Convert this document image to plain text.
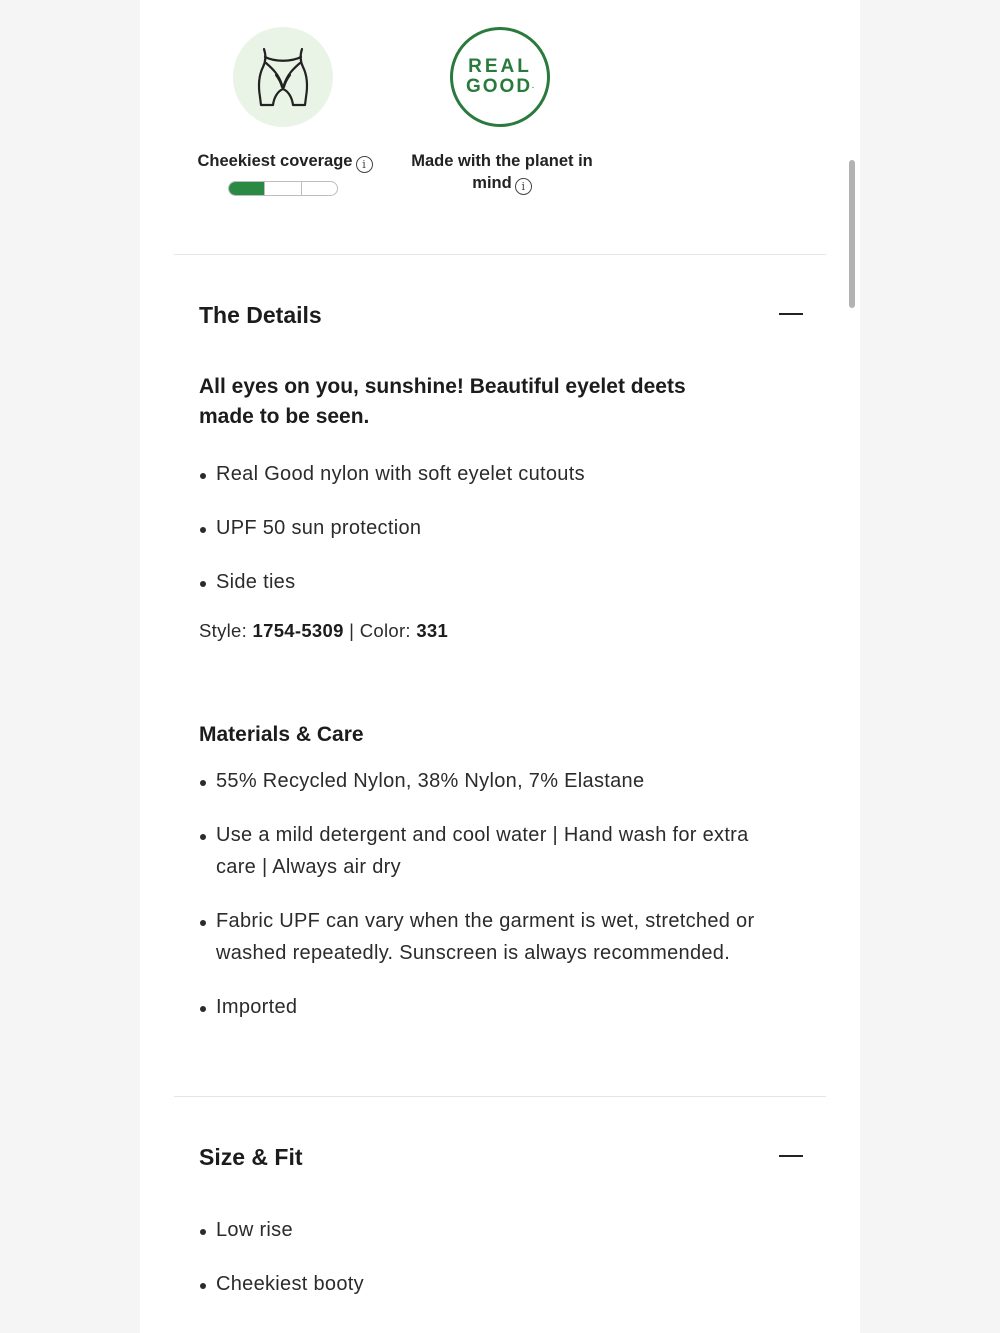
Cheekiest coverage i
REAL
GOOD.
Made with the planet in
mind i
The Details
All eyes on you, sunshine! Beautiful eyelet deets made to be seen.
Real Good nylon with soft eyelet cutouts
UPF 50 sun protection
Side ties
Style: 1754-5309 | Color: 331
Materials & Care
55% Recycled Nylon, 38% Nylon, 7% Elastane
Use a mild detergent and cool water | Hand wash for extra care | Always air dry
Fabric UPF can vary when the garment is wet, stretched or washed repeatedly. Sunscreen is always recommended.
Imported
Size & Fit
Low rise
Cheekiest booty
